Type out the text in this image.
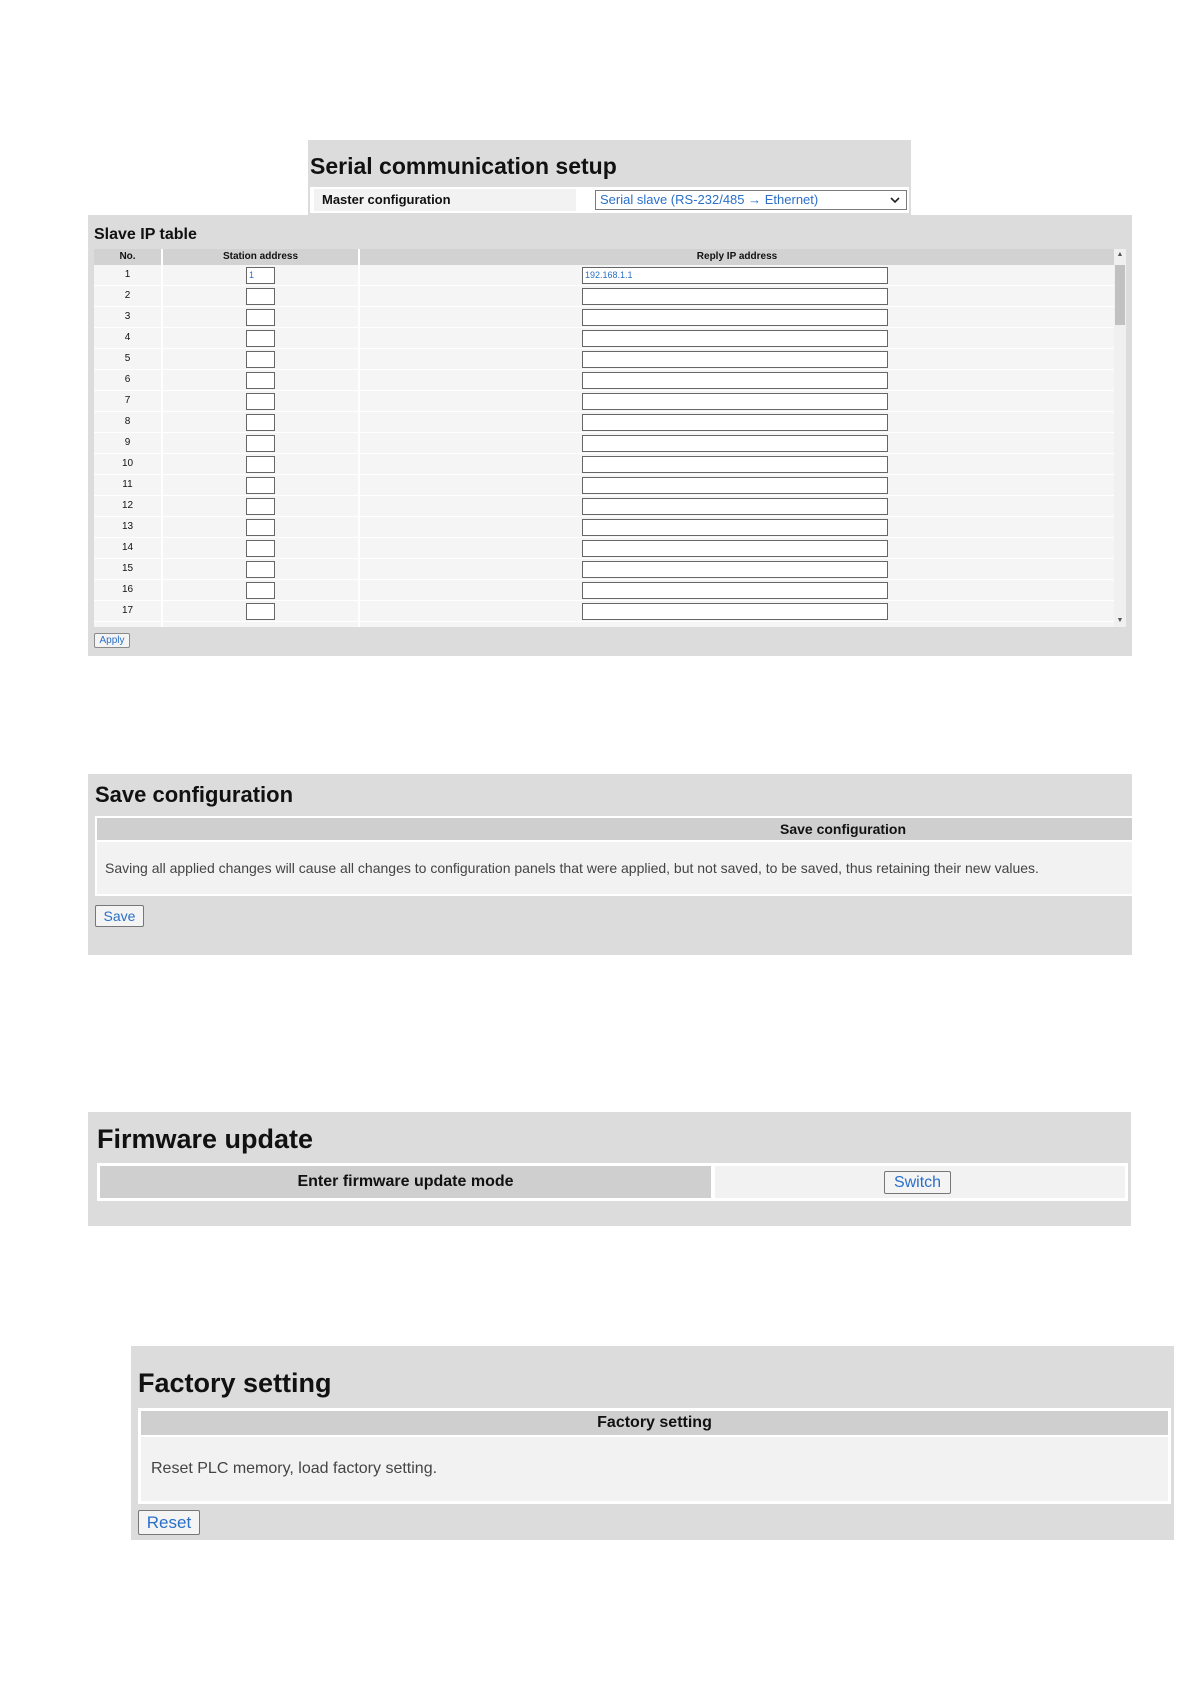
Serial communication setup
Master configuration	Serial slave (RS-232/485 → Ethernet)
Slave IP table
No.	Station address	Reply IP address
1	1	192.168.1.1
2
3
4
5
6
7
8
9
10
11
12
13
14
15
16
17
▲
▼
Apply
Save configuration
Save configuration
Saving all applied changes will cause all changes to configuration panels that were applied, but not saved, to be saved, thus retaining their new values.
Save
Firmware update
Enter firmware update mode	Switch
Factory setting
Factory setting
Reset PLC memory, load factory setting.
Reset
